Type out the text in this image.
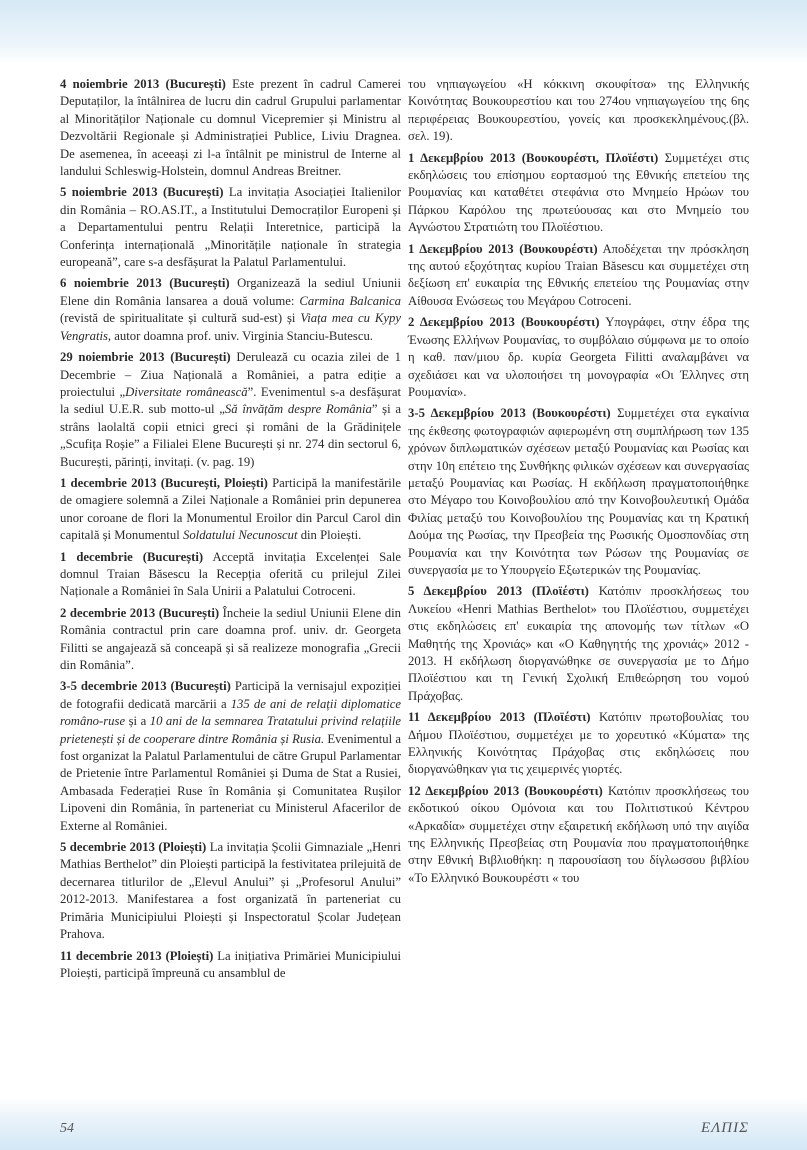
4 noiembrie 2013 (București) Este prezent în cadrul Camerei Deputaților, la întâlnirea de lucru din cadrul Grupului parlamentar al Minorităților Naționale cu domnul Vicepremier și Ministru al Dezvoltării Regionale și Administrației Publice, Liviu Dragnea. De asemenea, în aceeași zi l-a întâlnit pe ministrul de Interne al landului Schleswig-Holstein, domnul Andreas Breitner.

5 noiembrie 2013 (București) La invitația Asociației Italienilor din România – RO.AS.IT., a Institutului Democraților Europeni și a Departamentului pentru Relații Interetnice, participă la Conferința internațională „Minoritățile naționale în strategia europeană”, care s-a desfășurat la Palatul Parlamentului.

6 noiembrie 2013 (București) Organizează la sediul Uniunii Elene din România lansarea a două volume: Carmina Balcanica (revistă de spiritualitate și cultură sud-est) și Viața mea cu Kypy Vengratis, autor doamna prof. univ. Virginia Stanciu-Butescu.

29 noiembrie 2013 (București) Derulează cu ocazia zilei de 1 Decembrie – Ziua Națională a României, a patra ediție a proiectului „Diversitate românească”. Evenimentul s-a desfășurat la sediul U.E.R. sub motto-ul „Să învățăm despre România” și a strâns laolaltă copii etnici greci și români de la Grădinițele „Scufița Roșie” a Filialei Elene București și nr. 274 din sectorul 6, București, părinți, invitați. (v. pag. 19)

1 decembrie 2013 (București, Ploiești) Participă la manifestările de omagiere solemnă a Zilei Naționale a României prin depunerea unor coroane de flori la Monumentul Eroilor din Parcul Carol din capitală și Monumentul Soldatului Necunoscut din Ploiești.

1 decembrie (București) Acceptă invitația Excelenței Sale domnul Traian Băsescu la Recepția oferită cu prilejul Zilei Naționale a României în Sala Unirii a Palatului Cotroceni.

2 decembrie 2013 (București) Încheie la sediul Uniunii Elene din România contractul prin care doamna prof. univ. dr. Georgeta Filitti se angajează să conceapă și să realizeze monografia „Grecii din România”.

3-5 decembrie 2013 (București) Participă la vernisajul expoziției de fotografii dedicată marcării a 135 de ani de relații diplomatice româno-ruse și a 10 ani de la semnarea Tratatului privind relațiile prietenești și de cooperare dintre România și Rusia. Evenimentul a fost organizat la Palatul Parlamentului de către Grupul Parlamentar de Prietenie între Parlamentul României și Duma de Stat a Rusiei, Ambasada Federației Ruse în România și Comunitatea Rușilor Lipoveni din România, în parteneriat cu Ministerul Afacerilor de Externe al României.

5 decembrie 2013 (Ploiești) La invitația Școlii Gimnaziale „Henri Mathias Berthelot” din Ploiești participă la festivitatea prilejuită de decernarea titlurilor de „Elevul Anului” și „Profesorul Anului” 2012-2013. Manifestarea a fost organizată în parteneriat cu Primăria Municipiului Ploiești și Inspectoratul Școlar Județean Prahova.

11 decembrie 2013 (Ploiești) La inițiativa Primăriei Municipiului Ploiești, participă împreună cu ansamblul de

του νηπιαγωγείου «Η κόκκινη σκουφίτσα» της Ελληνικής Κοινότητας Βουκουρεστίου και του 274ου νηπιαγωγείου της 6ης περιφέρειας Βουκουρεστίου, γονείς και προσκεκλημένους.(βλ. σελ. 19).

1 Δεκεμβρίου 2013 (Βουκουρέστι, Πλοϊέστι) Συμμετέχει στις εκδηλώσεις του επίσημου εορτασμού της Εθνικής επετείου της Ρουμανίας και καταθέτει στεφάνια στο Μνημείο Ηρώων του Πάρκου Καρόλου της πρωτεύουσας και στο Μνημείο του Αγνώστου Στρατιώτη του Πλοϊέστιου.

1 Δεκεμβρίου 2013 (Βουκουρέστι) Αποδέχεται την πρόσκληση της αυτού εξοχότητας κυρίου Traian Băsescu και συμμετέχει στη δεξίωση επ' ευκαιρία της Εθνικής επετείου της Ρουμανίας στην Αίθουσα Ενώσεως του Μεγάρου Cotroceni.

2 Δεκεμβρίου 2013 (Βουκουρέστι) Υπογράφει, στην έδρα της Ένωσης Ελλήνων Ρουμανίας, το συμβόλαιο σύμφωνα με το οποίο η καθ. παν/μιου δρ. κυρία Georgeta Filitti αναλαμβάνει να σχεδιάσει και να υλοποιήσει τη μονογραφία «Οι Έλληνες στη Ρουμανία».

3-5 Δεκεμβρίου 2013 (Βουκουρέστι) Συμμετέχει στα εγκαίνια της έκθεσης φωτογραφιών αφιερωμένη στη συμπλήρωση των 135 χρόνων διπλωματικών σχέσεων μεταξύ Ρουμανίας και Ρωσίας και στην 10η επέτειο της Συνθήκης φιλικών σχέσεων και συνεργασίας μεταξύ Ρουμανίας και Ρωσίας. Η εκδήλωση πραγματοποιήθηκε στο Μέγαρο του Κοινοβουλίου από την Κοινοβουλευτική Ομάδα Φιλίας μεταξύ του Κοινοβουλίου της Ρουμανίας και τη Κρατική Δούμα της Ρωσίας, την Πρεσβεία της Ρωσικής Ομοσπονδίας στη Ρουμανία και την Κοινότητα των Ρώσων της Ρουμανίας σε συνεργασία με το Υπουργείο Εξωτερικών της Ρουμανίας.

5 Δεκεμβρίου 2013 (Πλοϊέστι) Κατόπιν προσκλήσεως του Λυκείου «Henri Mathias Berthelot» του Πλοϊέστιου, συμμετέχει στις εκδηλώσεις επ' ευκαιρία της απονομής των τίτλων «Ο Μαθητής της Χρονιάς» και «Ο Καθηγητής της χρονιάς» 2012 - 2013. Η εκδήλωση διοργανώθηκε σε συνεργασία με το Δήμο Πλοϊέστιου και τη Γενική Σχολική Επιθεώρηση του νομού Πράχοβας.

11 Δεκεμβρίου 2013 (Πλοϊέστι) Κατόπιν πρωτοβουλίας του Δήμου Πλοϊέστιου, συμμετέχει με το χορευτικό «Κύματα» της Ελληνικής Κοινότητας Πράχοβας στις εκδηλώσεις που διοργανώθηκαν για τις χειμερινές γιορτές.

12 Δεκεμβρίου 2013 (Βουκουρέστι) Κατόπιν προσκλήσεως του εκδοτικού οίκου Ομόνοια και του Πολιτιστικού Κέντρου «Αρκαδία» συμμετέχει στην εξαιρετική εκδήλωση υπό την αιγίδα της Ελληνικής Πρεσβείας στη Ρουμανία που πραγματοποιήθηκε στην Εθνική Βιβλιοθήκη: η παρουσίαση του δίγλωσσου βιβλίου «Το Ελληνικό Βουκουρέστι « του

54	ΕΛΠΙΣ
